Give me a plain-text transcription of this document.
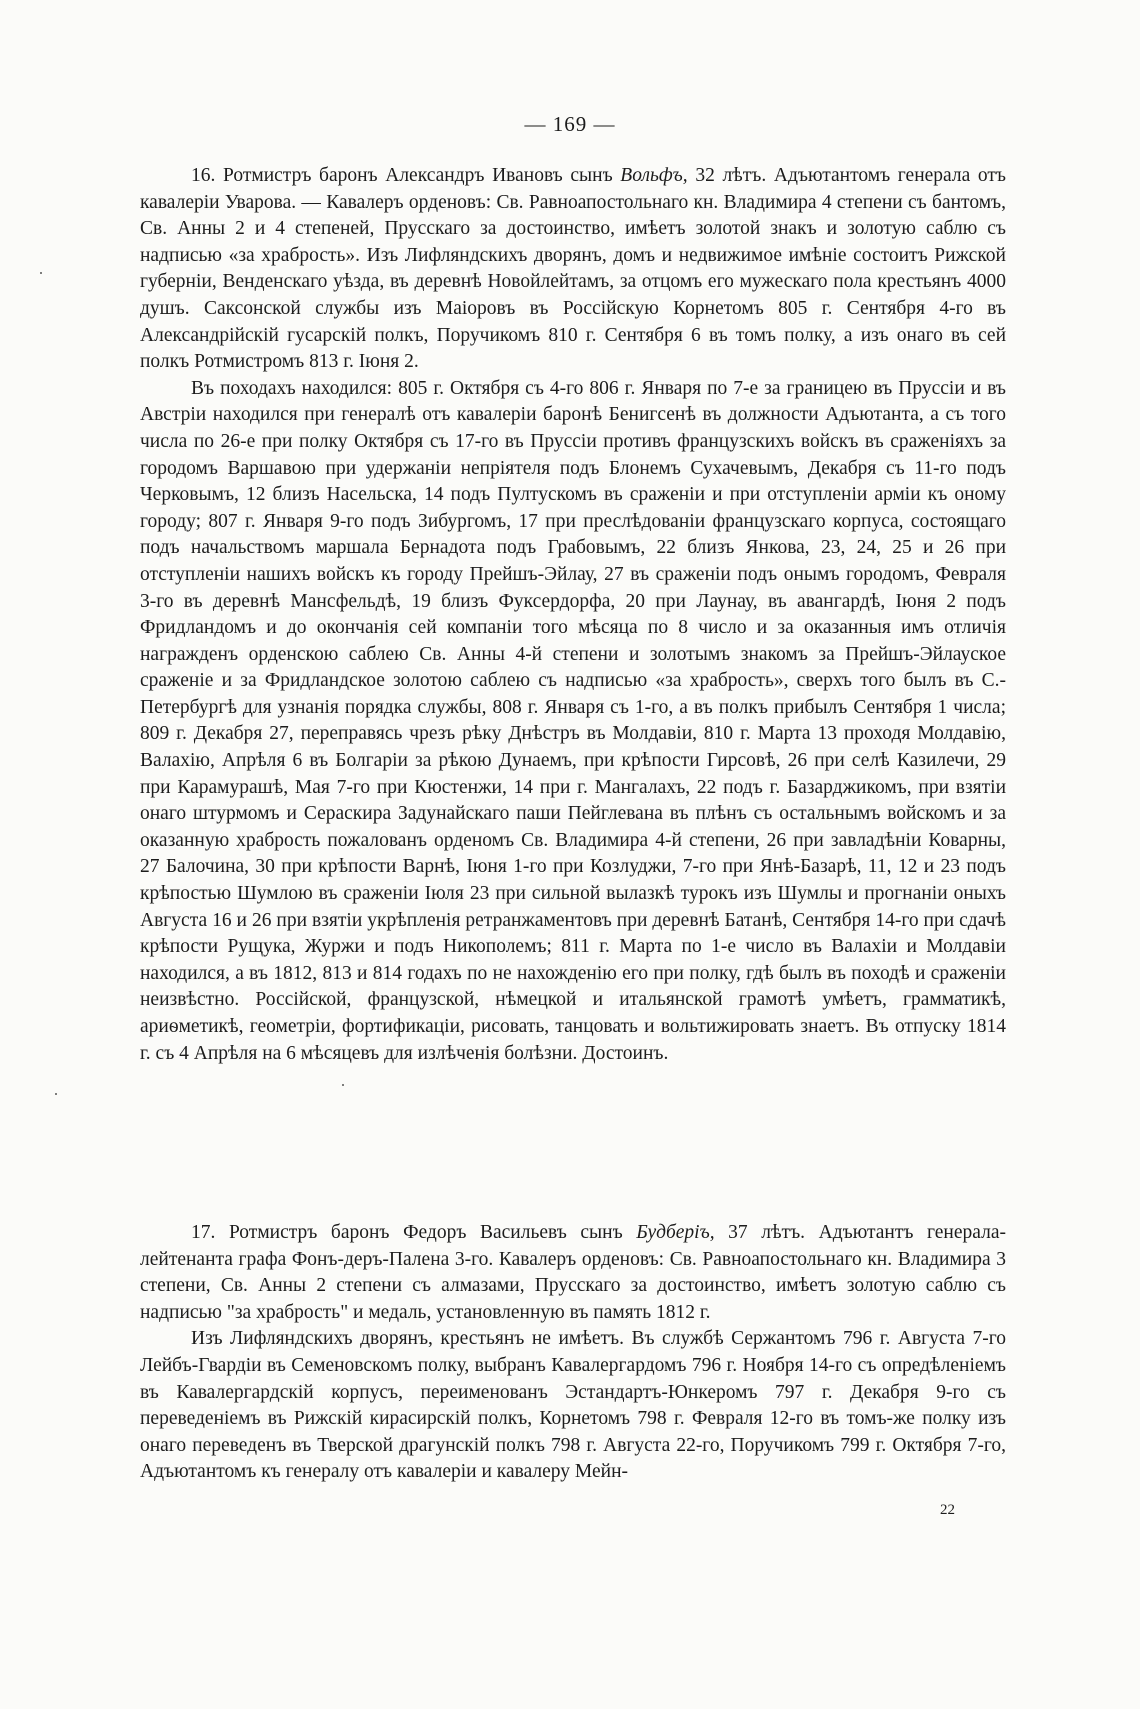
— 169 —

16. Ротмистръ баронъ Александръ Ивановъ сынъ Вольфъ, 32 лѣтъ. Адъютантомъ генерала отъ кавалеріи Уварова. — Кавалеръ орденовъ: Св. Равноапостольнаго кн. Владимира 4 степени съ бантомъ, Св. Анны 2 и 4 степеней, Прусскаго за достоинство, имѣетъ золотой знакъ и золотую саблю съ надписью «за храбрость». Изъ Лифляндскихъ дворянъ, домъ и недвижимое имѣніе состоитъ Рижской губерніи, Венденскаго уѣзда, въ деревнѣ Новойлейтамъ, за отцомъ его мужескаго пола крестьянъ 4000 душъ. Саксонской службы изъ Маіоровъ въ Россійскую Корнетомъ 805 г. Сентября 4-го въ Александрійскій гусарскій полкъ, Поручикомъ 810 г. Сентября 6 въ томъ полку, а изъ онаго въ сей полкъ Ротмистромъ 813 г. Іюня 2.

Въ походахъ находился: 805 г. Октября съ 4-го 806 г. Января по 7-е за границею въ Пруссіи и въ Австріи находился при генералѣ отъ кавалеріи баронѣ Бенигсенѣ въ должности Адъютанта, а съ того числа по 26-е при полку Октября съ 17-го въ Пруссіи противъ французскихъ войскъ въ сраженіяхъ за городомъ Варшавою при удержаніи непріятеля подъ Блонемъ Сухачевымъ, Декабря съ 11-го подъ Черковымъ, 12 близъ Насельска, 14 подъ Пултускомъ въ сраженіи и при отступленіи арміи къ оному городу; 807 г. Января 9-го подъ Зибургомъ, 17 при преслѣдованіи французскаго корпуса, состоящаго подъ начальствомъ маршала Бернадота подъ Грабовымъ, 22 близъ Янкова, 23, 24, 25 и 26 при отступленіи нашихъ войскъ къ городу Прейшъ-Эйлау, 27 въ сраженіи подъ онымъ городомъ, Февраля 3-го въ деревнѣ Мансфельдѣ, 19 близъ Фуксердорфа, 20 при Лаунау, въ авангардѣ, Іюня 2 подъ Фридландомъ и до окончанія сей компаніи того мѣсяца по 8 число и за оказанныя имъ отличія награжденъ орденскою саблею Св. Анны 4-й степени и золотымъ знакомъ за Прейшъ-Эйлауское сраженіе и за Фридландское золотою саблею съ надписью «за храбрость», сверхъ того былъ въ С.-Петербургѣ для узнанія порядка службы, 808 г. Января съ 1-го, а въ полкъ прибылъ Сентября 1 числа; 809 г. Декабря 27, переправясь чрезъ рѣку Днѣстръ въ Молдавіи, 810 г. Марта 13 проходя Молдавію, Валахію, Апрѣля 6 въ Болгаріи за рѣкою Дунаемъ, при крѣпости Гирсовѣ, 26 при селѣ Казилечи, 29 при Карамурашѣ, Мая 7-го при Кюстенжи, 14 при г. Мангалахъ, 22 подъ г. Базарджикомъ, при взятіи онаго штурмомъ и Сераскира Задунайскаго паши Пейглевана въ плѣнъ съ остальнымъ войскомъ и за оказанную храбрость пожалованъ орденомъ Св. Владимира 4-й степени, 26 при завладѣніи Коварны, 27 Балочина, 30 при крѣпости Варнѣ, Іюня 1-го при Козлуджи, 7-го при Янѣ-Базарѣ, 11, 12 и 23 подъ крѣпостью Шумлою въ сраженіи Іюля 23 при сильной вылазкѣ турокъ изъ Шумлы и прогнаніи оныхъ Августа 16 и 26 при взятіи укрѣпленія ретранжаментовъ при деревнѣ Батанѣ, Сентября 14-го при сдачѣ крѣпости Рущука, Журжи и подъ Никополемъ; 811 г. Марта по 1-е число въ Валахіи и Молдавіи находился, а въ 1812, 813 и 814 годахъ по не нахожденію его при полку, гдѣ былъ въ походѣ и сраженіи неизвѣстно. Россійской, французской, нѣмецкой и итальянской грамотѣ умѣетъ, грамматикѣ, ариѳметикѣ, геометріи, фортификаціи, рисовать, танцовать и вольтижировать знаетъ. Въ отпуску 1814 г. съ 4 Апрѣля на 6 мѣсяцевъ для излѣченія болѣзни. Достоинъ.

17. Ротмистръ баронъ Федоръ Васильевъ сынъ Будберіъ, 37 лѣтъ. Адъютантъ генерала-лейтенанта графа Фонъ-деръ-Палена 3-го. Кавалеръ орденовъ: Св. Равноапостольнаго кн. Владимира 3 степени, Св. Анны 2 степени съ алмазами, Прусскаго за достоинство, имѣетъ золотую саблю съ надписью "за храбрость" и медаль, установленную въ память 1812 г.

Изъ Лифляндскихъ дворянъ, крестьянъ не имѣетъ. Въ службѣ Сержантомъ 796 г. Августа 7-го Лейбъ-Гвардіи въ Семеновскомъ полку, выбранъ Кавалергардомъ 796 г. Ноября 14-го съ опредѣленіемъ въ Кавалергардскій корпусъ, переименованъ Эстандартъ-Юнкеромъ 797 г. Декабря 9-го съ переведеніемъ въ Рижскій кирасирскій полкъ, Корнетомъ 798 г. Февраля 12-го въ томъ-же полку изъ онаго переведенъ въ Тверской драгунскій полкъ 798 г. Августа 22-го, Поручикомъ 799 г. Октября 7-го, Адъютантомъ къ генералу отъ кавалеріи и кавалеру Мейн-

22
